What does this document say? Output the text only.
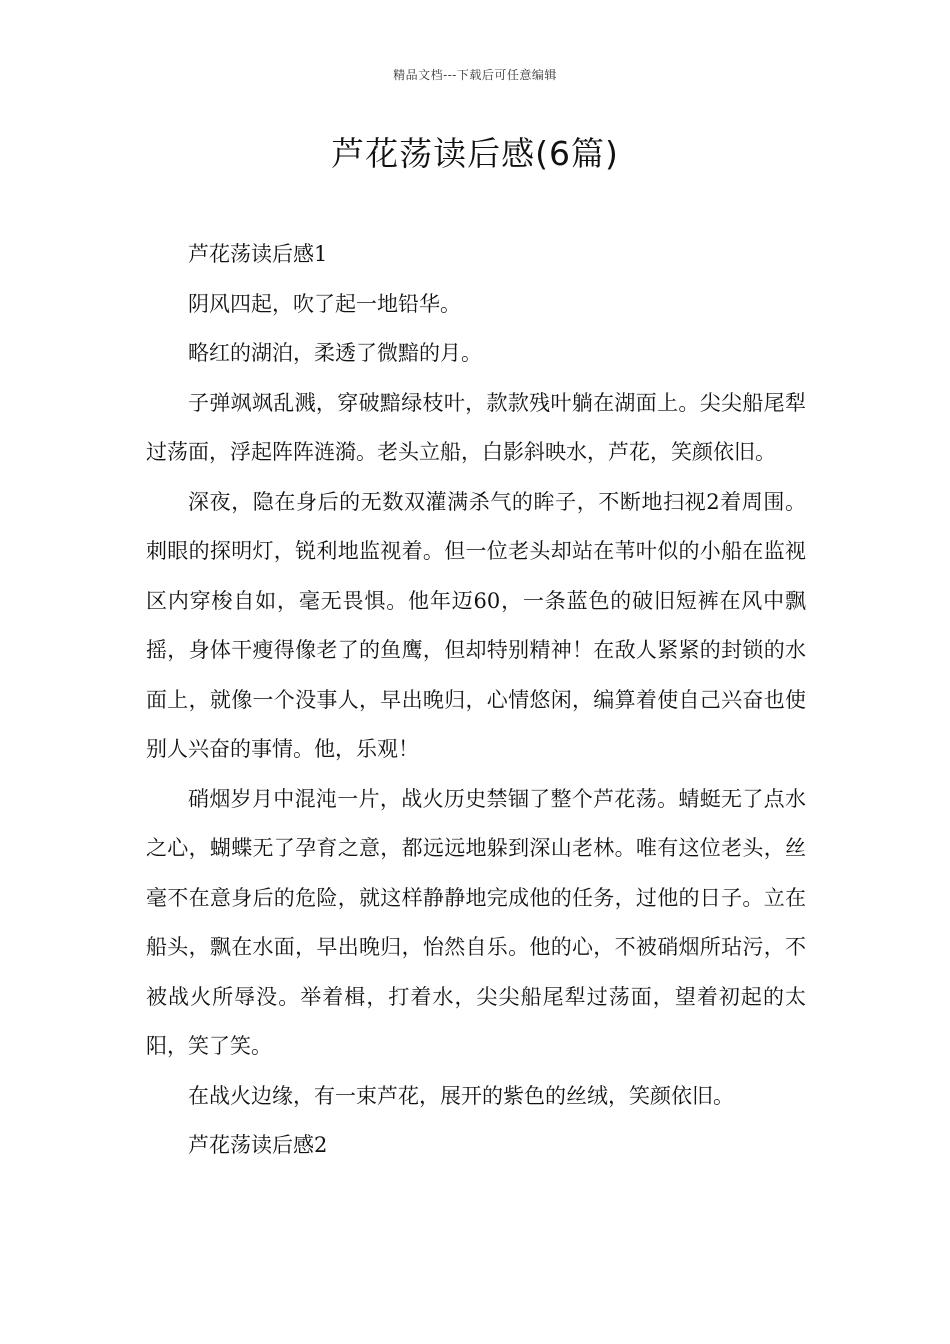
精品文档---下载后可任意编辑
芦花荡读后感(6篇)

芦花荡读后感1

阴风四起，吹了起一地铅华。

略红的湖泊，柔透了微黯的月。

子弹飒飒乱溅，穿破黯绿枝叶，款款残叶躺在湖面上。尖尖船尾犁过荡面，浮起阵阵涟漪。老头立船，白影斜映水，芦花，笑颜依旧。

深夜，隐在身后的无数双灌满杀气的眸子，不断地扫视2着周围。刺眼的探明灯，锐利地监视着。但一位老头却站在苇叶似的小船在监视区内穿梭自如，毫无畏惧。他年迈60，一条蓝色的破旧短裤在风中飘摇，身体干瘦得像老了的鱼鹰，但却特别精神！在敌人紧紧的封锁的水面上，就像一个没事人，早出晚归，心情悠闲，编算着使自己兴奋也使别人兴奋的事情。他，乐观！

硝烟岁月中混沌一片，战火历史禁锢了整个芦花荡。蜻蜓无了点水之心，蝴蝶无了孕育之意，都远远地躲到深山老林。唯有这位老头，丝毫不在意身后的危险，就这样静静地完成他的任务，过他的日子。立在船头，飘在水面，早出晚归，怡然自乐。他的心，不被硝烟所玷污，不被战火所辱没。举着楫，打着水，尖尖船尾犁过荡面，望着初起的太阳，笑了笑。

在战火边缘，有一束芦花，展开的紫色的丝绒，笑颜依旧。

芦花荡读后感2
